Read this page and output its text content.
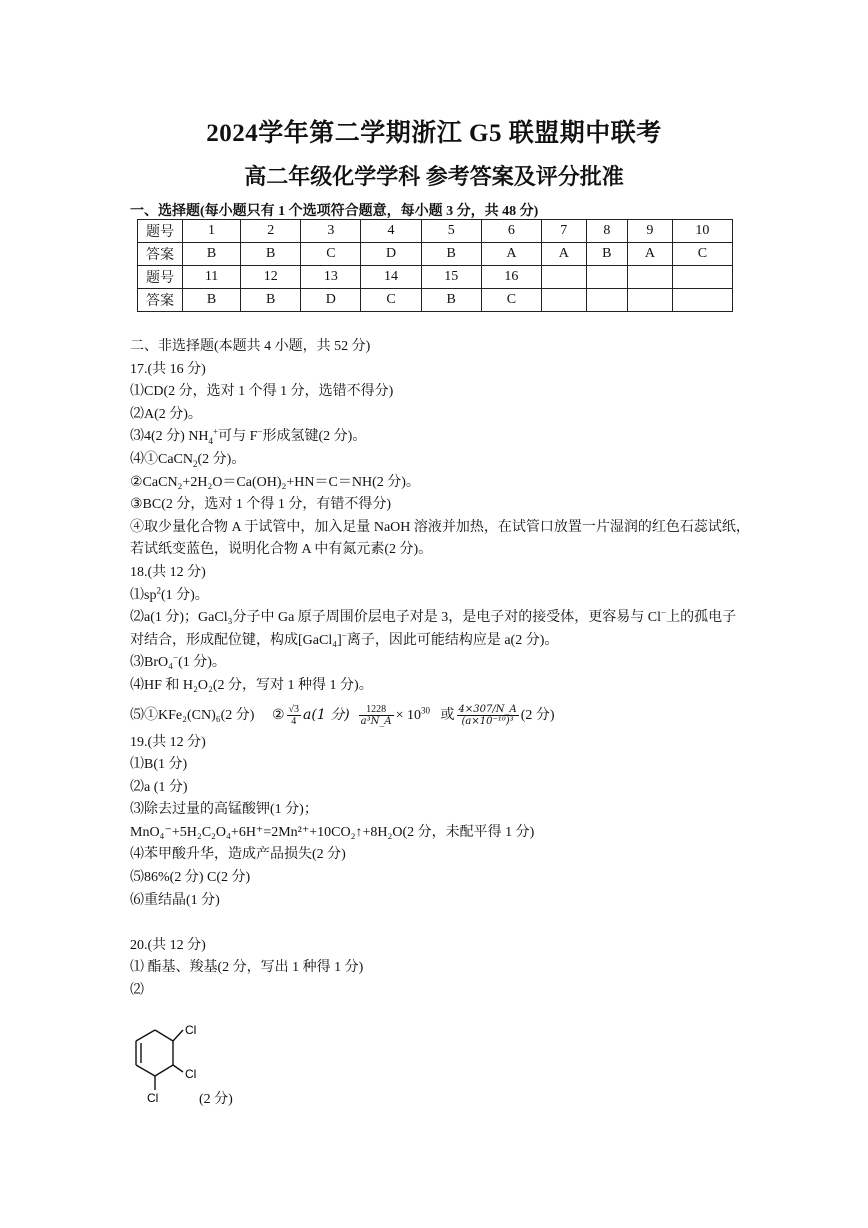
2024学年第二学期浙江 G5 联盟期中联考
高二年级化学学科 参考答案及评分批准
一、选择题(每小题只有 1 个选项符合题意，每小题 3 分，共 48 分)
题号	1	2	3	4	5	6	7	8	9	10
答案	B	B	C	D	B	A	A	B	A	C
题号	11	12	13	14	15	16				
答案	B	B	D	C	B	C				
二、非选择题(本题共 4 小题，共 52 分)
17.(共 16 分)
⑴CD(2 分，选对 1 个得 1 分，选错不得分)
⑵A(2 分)。
⑶4(2 分) $NH_4^+$可与 F−形成氢键(2 分)。
⑷①CaCN$_2$(2 分)。
②CaCN₂+2H₂O＝Ca(OH)₂+HN＝C＝NH(2 分)。
③BC(2 分，选对 1 个得 1 分，有错不得分)
④取少量化合物 A 于试管中，加入足量 NaOH 溶液并加热，在试管口放置一片湿润的红色石蕊试纸，若试纸变蓝色，说明化合物 A 中有氮元素(2 分)。
18.(共 12 分)
$⑴sp^2(1$ 分)。
⑵a(1 分)；GaCl₃分子中 Ga 原子周围价层电子对是 3，是电子对的接受体，更容易与 Cl−上的孤电子对结合，形成配位键，构成[GaCl₄]−离子，因此可能结构应是 a(2 分)。
⑶BrO₄−(1 分)。
⑷HF 和 H₂O₂(2 分，写对 1 种得 1 分)。
⑸①KFe₂(CN)₆(2 分) ② $\frac{√3}{4} a(1$ 分) $\frac{1228}{\text{a³N\_A}} \times 10^{30}$ 或 $\frac{4\times 307/N\_A}{\text{(a×10⁻¹⁰)³}} (2$ 分)
19.(共 12 分)
⑴B(1 分)
⑵a (1 分)
⑶除去过量的高锰酸钾(1 分)；
MnO₄⁻+5H₂C₂O₄+6H⁺=2Mn²⁺+10CO₂↑+8H₂O(2 分，未配平得 1 分)
⑷苯甲酸升华，造成产品损失(2 分)
⑸86%(2 分) C(2 分)
⑹重结晶(1 分)
20.(共 12 分)
⑴ 酯基、羧基(2 分，写出 1 种得 1 分)
⑵
Cl
Cl
Cl	(2 分)
